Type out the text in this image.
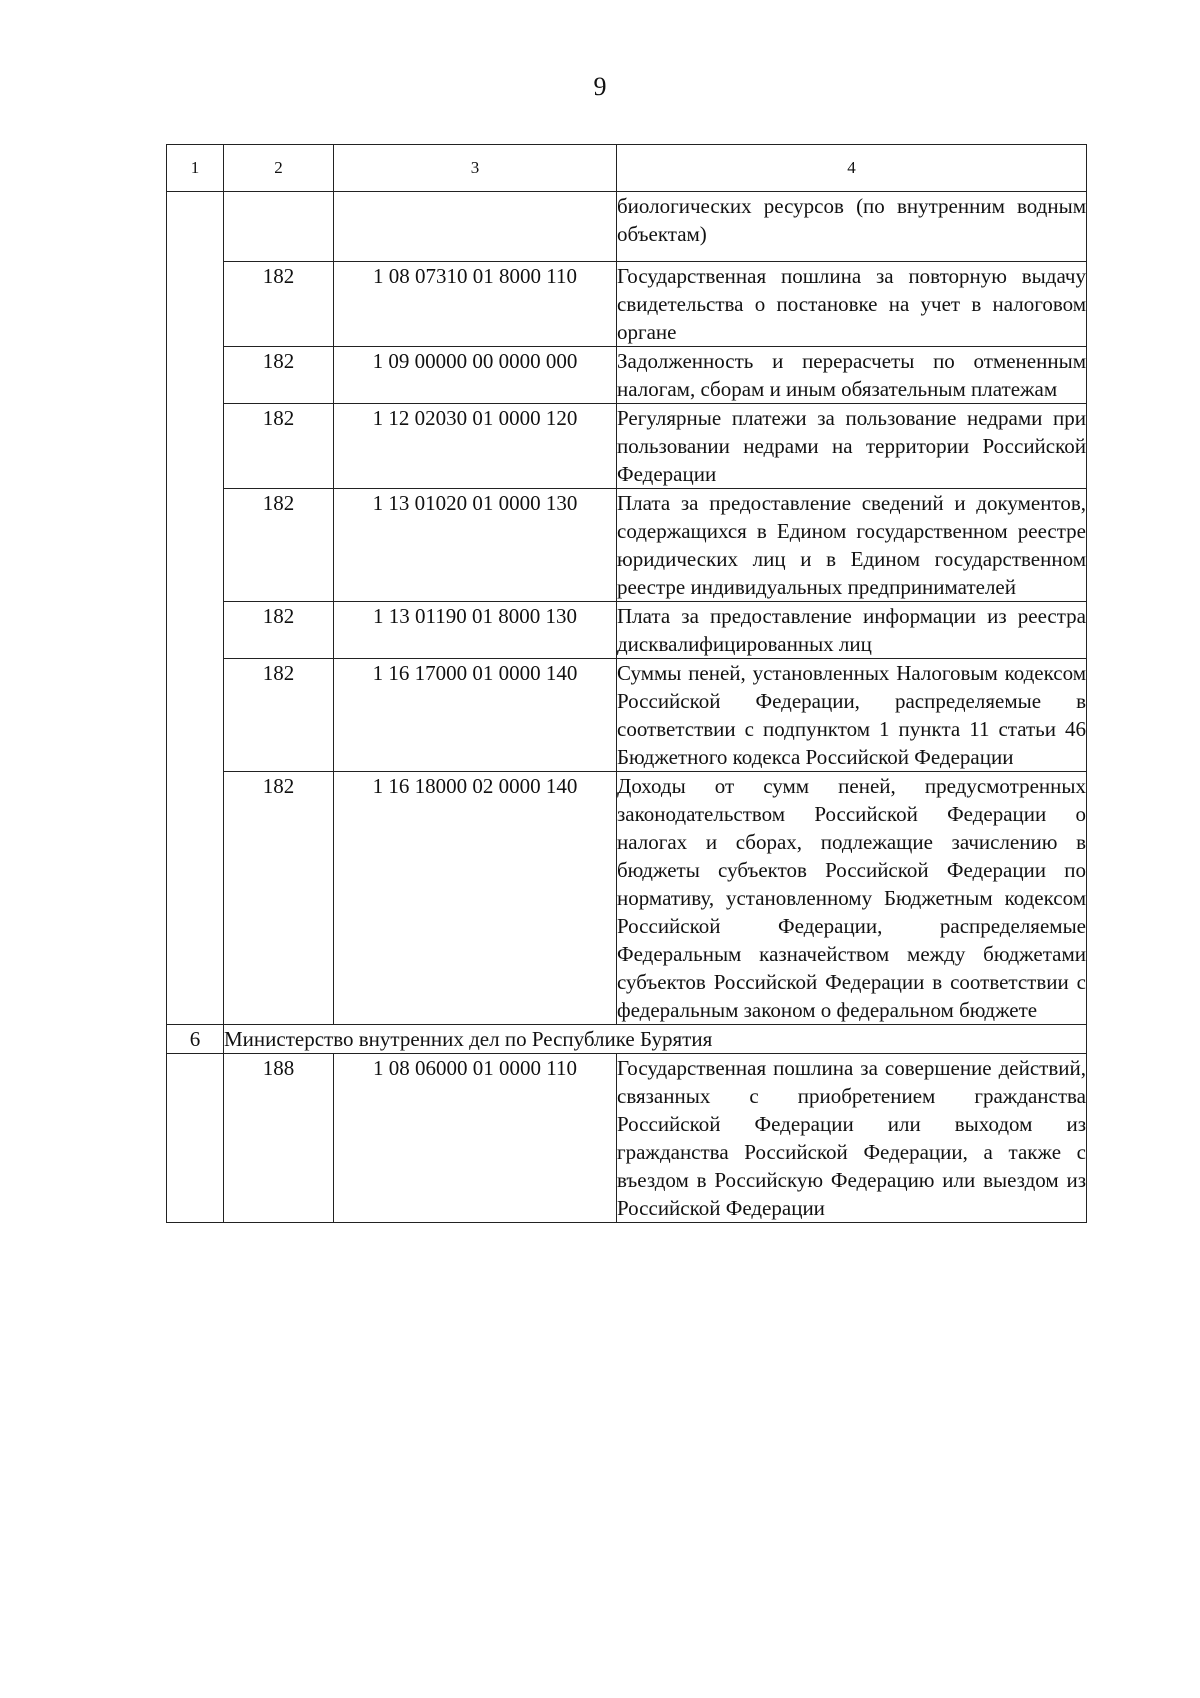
9
1	2	3	4
			биологических ресурсов (по внутренним водным объектам)
	182	1 08 07310 01 8000 110	Государственная пошлина за повторную выдачу свидетельства о постановке на учет в налоговом органе
	182	1 09 00000 00 0000 000	Задолженность и перерасчеты по отмененным налогам, сборам и иным обязательным платежам
	182	1 12 02030 01 0000 120	Регулярные платежи за пользование недрами при пользовании недрами на территории Российской Федерации
	182	1 13 01020 01 0000 130	Плата за предоставление сведений и документов, содержащихся в Едином государственном реестре юридических лиц и в Едином государственном реестре индивидуальных предпринимателей
	182	1 13 01190 01 8000 130	Плата за предоставление информации из реестра дисквалифицированных лиц
	182	1 16 17000 01 0000 140	Суммы пеней, установленных Налоговым кодексом Российской Федерации, распределяемые в соответствии с подпунктом 1 пункта 11 статьи 46 Бюджетного кодекса Российской Федерации
	182	1 16 18000 02 0000 140	Доходы от сумм пеней, предусмотренных законодательством Российской Федерации о налогах и сборах, подлежащие зачислению в бюджеты субъектов Российской Федерации по нормативу, установленному Бюджетным кодексом Российской Федерации, распределяемые Федеральным казначейством между бюджетами субъектов Российской Федерации в соответствии с федеральным законом о федеральном бюджете
6	Министерство внутренних дел по Республике Бурятия		
	188	1 08 06000 01 0000 110	Государственная пошлина за совершение действий, связанных с приобретением гражданства Российской Федерации или выходом из гражданства Российской Федерации, а также с въездом в Российскую Федерацию или выездом из Российской Федерации
